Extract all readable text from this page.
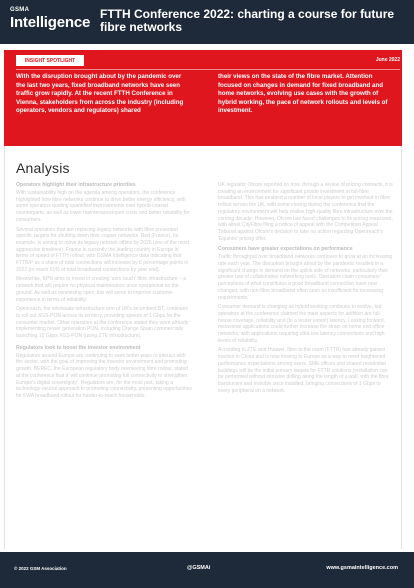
GSMA
Intelligence FTTH Conference 2022: charting a course for future fibre networks
INSIGHT SPOTLIGHT	June 2022
With the disruption brought about by the pandemic over the last two years, fixed broadband networks have seen traffic grow rapidly. At the recent FTTH Conference in Vienna, stakeholders from across the industry (including operators, vendors and regulators) shared
their views on the state of the fibre market. Attention focused on changes in demand for fixed broadband and home networks, evolving use cases with the growth of hybrid working, the pace of network rollouts and levels of investment.
Analysis
Operators highlight their infrastructure priorities

With sustainability high on the agenda among operators, the conference highlighted how fibre networks continue to drive better energy efficiency, with some operators quoting quantified improvements over hybrid-coaxial counterparts, as well as lower maintenance/open costs and better reliability for consumers.

Several operators that are replacing legacy networks with fibre presented specific targets for shutting down their copper networks. Red (France), for example, is aiming to move its legacy network offline by 2026 (one of the most aggressive timelines). France is currently the leading country in Europe in terms of speed of FTTH rollout, with GSMA Intelligence data indicating that FTTB/P as a share of total connections will increase by 8 percentage points in 2022 (to reach 61% of total broadband connections by year end).

Meanwhile, KPN aims to invest in creating 'zero touch' fibre infrastructure – a network that will require no physical maintenance once operational on the ground. As well as minimising opex, this will serve to improve customer experience in terms of reliability.

Openreach, the wholesale infrastructure arm of UK's incumbent BT, continues to roll out XGS-PON across its territory, providing speeds of 1 Gbps for the consumer market. Other operators at the conference stated they were already implementing newer generation PON, including Orange Spain commercially launching 10 Gbps XGS-PON (using ZTE infrastructure).

Regulators look to boost the investor environment

Regulators around Europe are continuing to seek better ways to interact with the sector, with the goal of improving the investor environment and promoting growth. BEREC, the European regulatory body overseeing fibre rollout, stated at the conference that it 'will continue promoting full connectivity to strengthen Europe's digital sovereignty'. Regulators are, for the most part, taking a technology-neutral approach to promoting connectivity, presenting opportunities for FWA broadband rollout for harder-to-reach households.

UK regulator Ofcom reported on how, through a review of pricing contracts, it is creating an environment for significant private investment in full-fibre broadband. This has enabled a number of local players to get involved in fibre rollout across the UK, with some closing during the conference that the regulatory environment will help realise high-quality fibre infrastructure over the coming decade. However, Ofcom has faced challenges to its pricing measures, with altnet CityFibre filing a notice of appeal with the Competition Appeal Tribunal against Ofcom's decision to take no action regarding Openreach's 'Equinox' pricing offer.

Consumers have greater expectations on performance

Traffic throughput over broadband networks continues to grow at an increasing rate each year. The disruption brought about by the pandemic resulted in a significant change in demand on the uplink side of networks, particularly their greater use of collaborative networking tools. Operators claim consumers' perceptions of what constitutes a good broadband connection have now changed, with non-fibre broadband often seen as insufficient for increasing requirements.

Consumer demand is changing as hybrid working continues to evolve, but operators at the conference claimed the main aspects for addition are full-house coverage, reliability and (to a lesser extent) latency. Looking forward, metaverse applications could further increase the strain on home and office networks, with applications requiring ultra-low latency connections and high levels of reliability.

According to ZTE and Huawei, fibre to the room (FTTR) has already gained traction in China and is now moving to Europe as a way to meet heightened performance expectations among users. SME offices and shared residential buildings will be the initial primary targets for FTTR solutions (installation can be performed without intrusive drilling along the length of a wall, with the fibre translucent and invisible once installed, bringing connections of 1 Gbps to every peripheral on a network.

© 2022 GSM Association	@GSMAi	www.gsmaintelligence.com
